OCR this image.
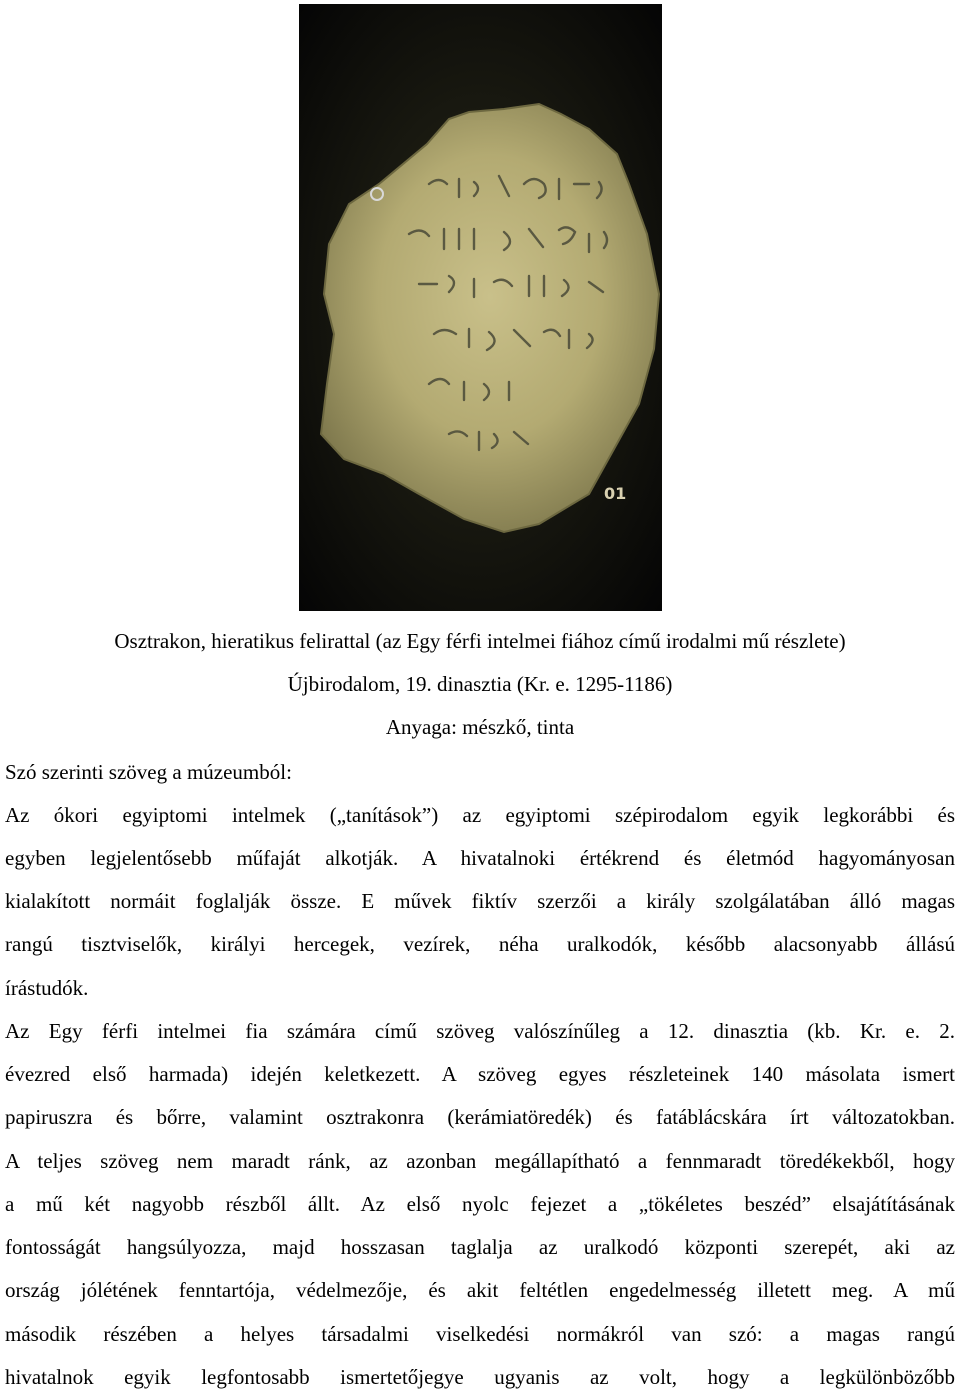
01
Osztrakon, hieratikus felirattal (az Egy férfi intelmei fiához című irodalmi mű részlete)
Újbirodalom, 19. dinasztia (Kr. e. 1295-1186)
Anyaga: mészkő, tinta
Szó szerinti szöveg a múzeumból:
Az ókori egyiptomi intelmek („tanítások”) az egyiptomi szépirodalom egyik legkorábbi és
egyben legjelentősebb műfaját alkotják. A hivatalnoki értékrend és életmód hagyományosan
kialakított normáit foglalják össze. E művek fiktív szerzői a király szolgálatában álló magas
rangú tisztviselők, királyi hercegek, vezírek, néha uralkodók, később alacsonyabb állású
írástudók.
Az Egy férfi intelmei fia számára című szöveg valószínűleg a 12. dinasztia (kb. Kr. e. 2.
évezred első harmada) idején keletkezett. A szöveg egyes részleteinek 140 másolata ismert
papiruszra és bőrre, valamint osztrakonra (kerámiatöredék) és fatáblácskára írt változatokban.
A teljes szöveg nem maradt ránk, az azonban megállapítható a fennmaradt töredékekből, hogy
a mű két nagyobb részből állt. Az első nyolc fejezet a „tökéletes beszéd” elsajátításának
fontosságát hangsúlyozza, majd hosszasan taglalja az uralkodó központi szerepét, aki az
ország jólétének fenntartója, védelmezője, és akit feltétlen engedelmesség illetett meg. A mű
második részében a helyes társadalmi viselkedési normákról van szó: a magas rangú
hivatalnok egyik legfontosabb ismertetőjegye ugyanis az volt, hogy a legkülönbözőbb
